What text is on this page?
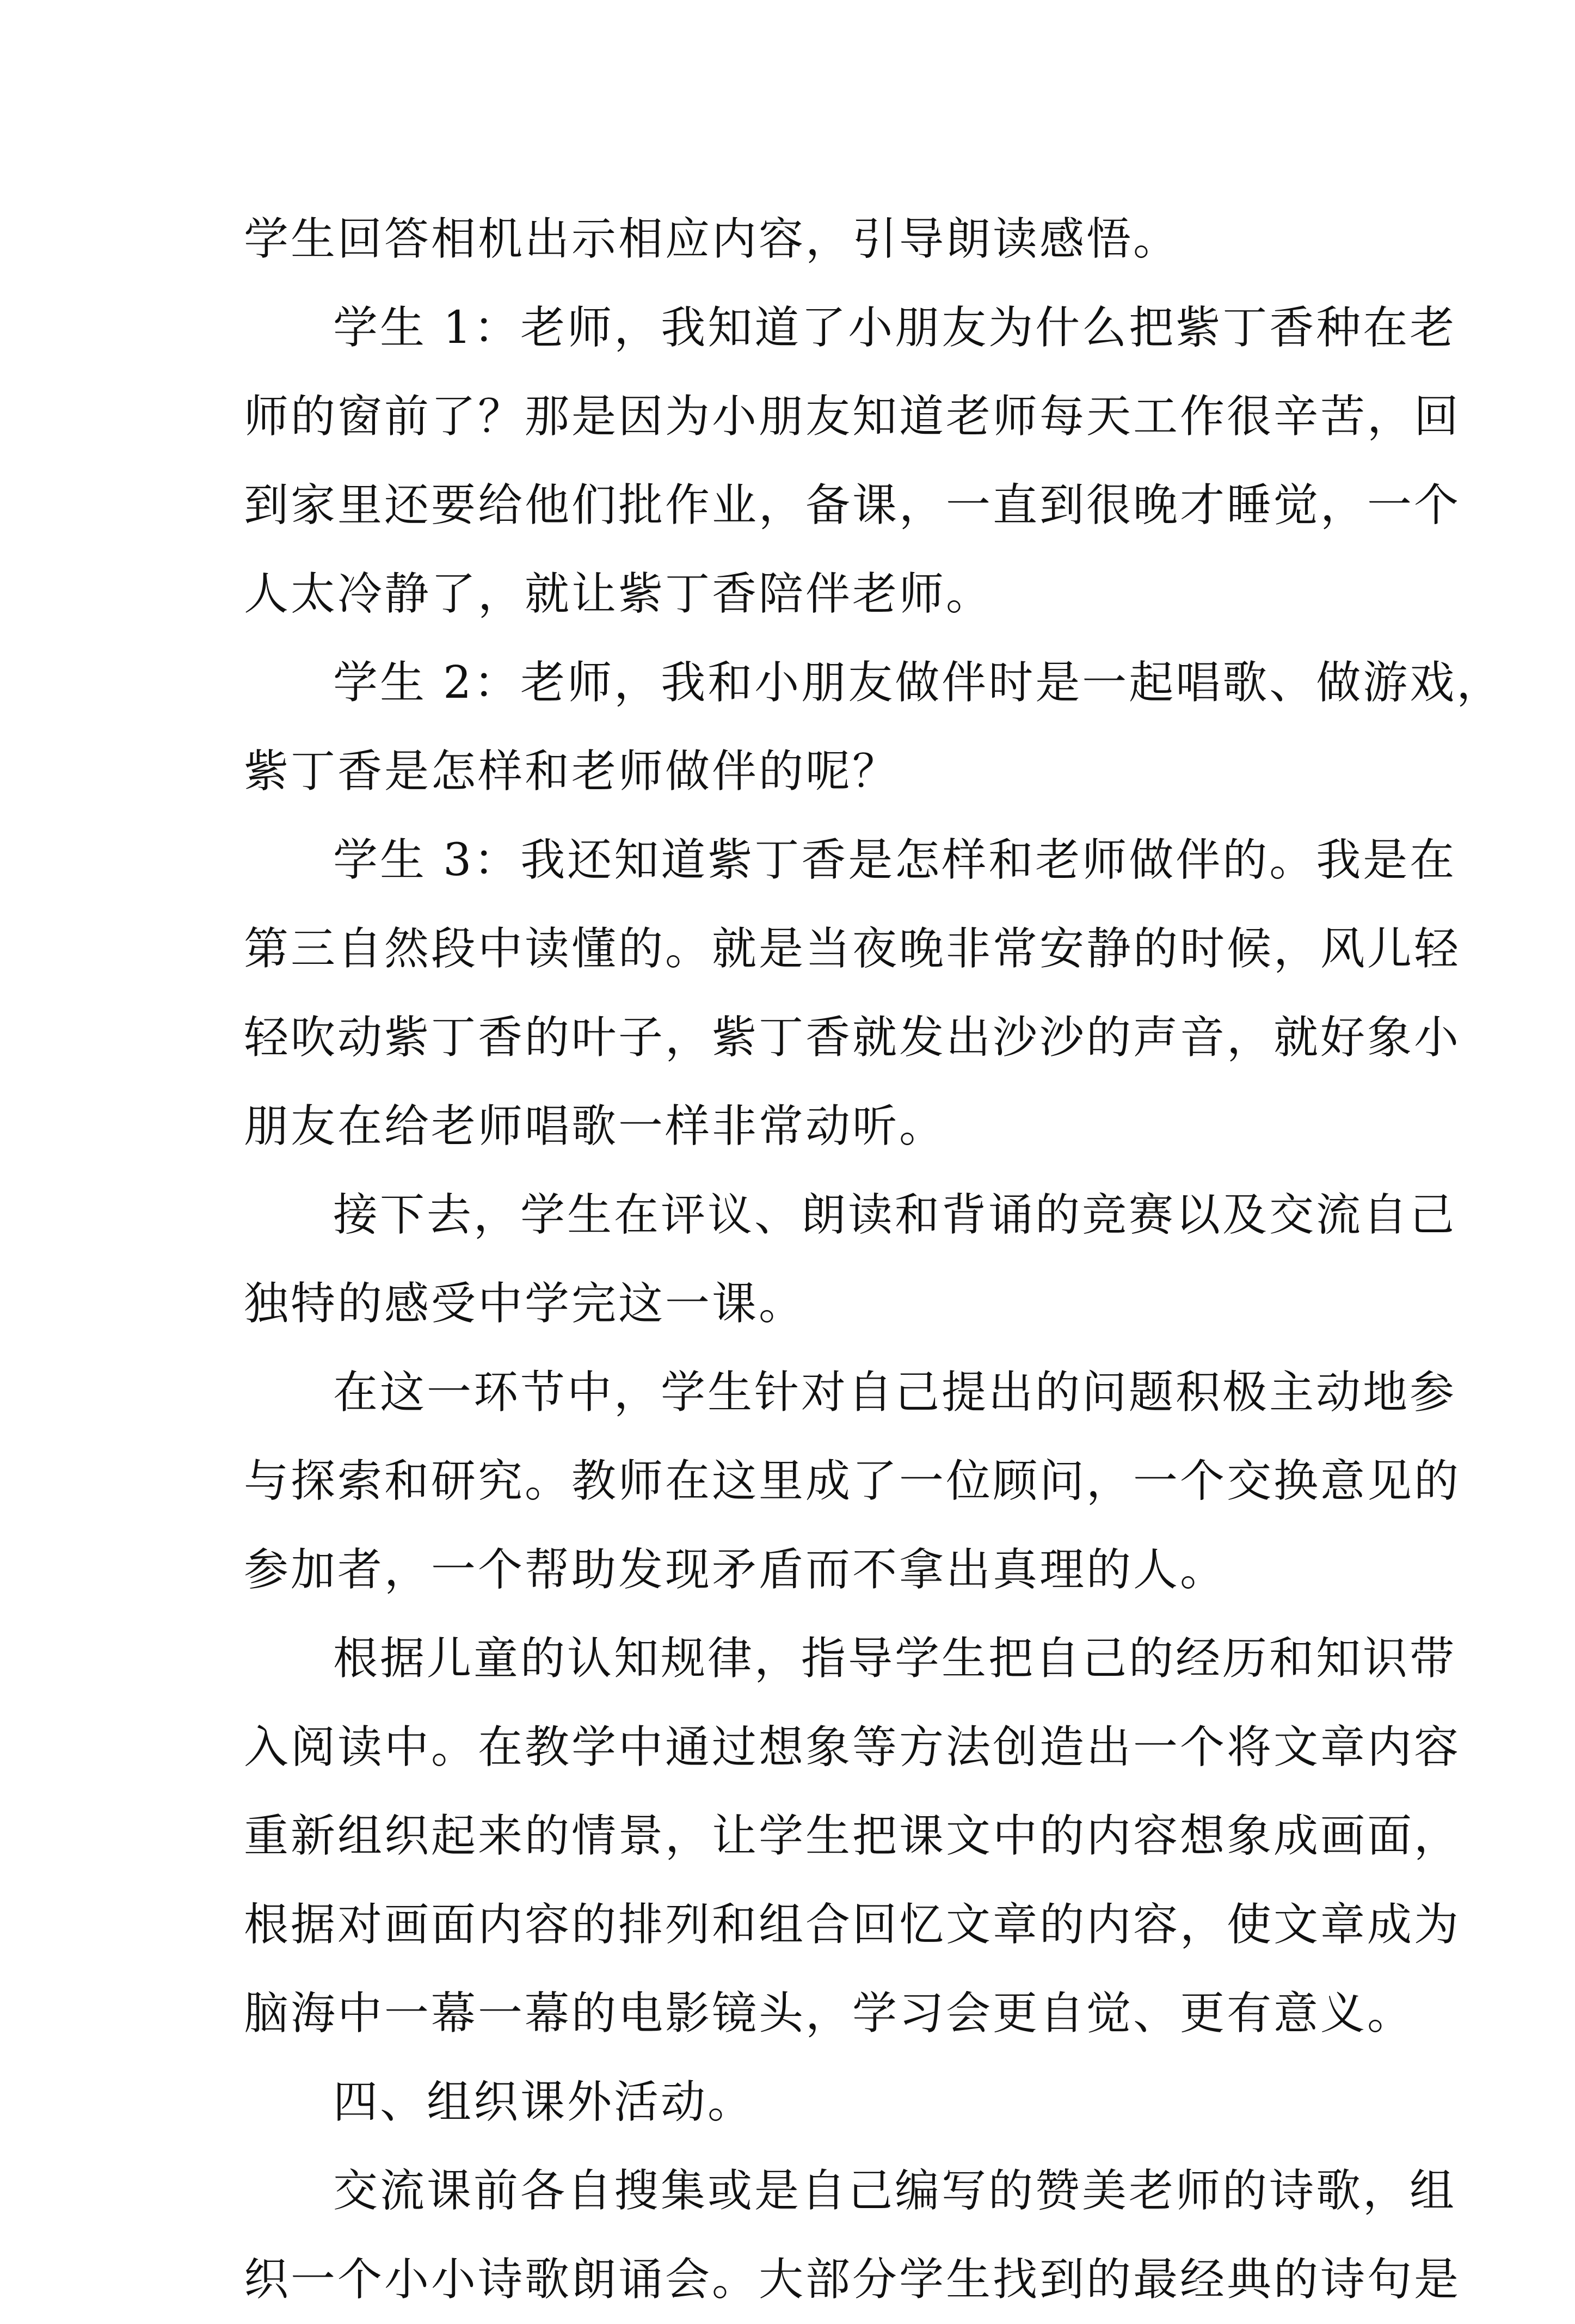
学生回答相机出示相应内容，引导朗读感悟。
学生 1：老师，我知道了小朋友为什么把紫丁香种在老
师的窗前了？那是因为小朋友知道老师每天工作很辛苦，回
到家里还要给他们批作业，备课，一直到很晚才睡觉，一个
人太冷静了，就让紫丁香陪伴老师。
学生 2：老师，我和小朋友做伴时是一起唱歌、做游戏，
紫丁香是怎样和老师做伴的呢？
学生 3：我还知道紫丁香是怎样和老师做伴的。我是在
第三自然段中读懂的。就是当夜晚非常安静的时候，风儿轻
轻吹动紫丁香的叶子，紫丁香就发出沙沙的声音，就好象小
朋友在给老师唱歌一样非常动听。
接下去，学生在评议、朗读和背诵的竞赛以及交流自己
独特的感受中学完这一课。
在这一环节中，学生针对自己提出的问题积极主动地参
与探索和研究。教师在这里成了一位顾问，一个交换意见的
参加者，一个帮助发现矛盾而不拿出真理的人。
根据儿童的认知规律，指导学生把自己的经历和知识带
入阅读中。在教学中通过想象等方法创造出一个将文章内容
重新组织起来的情景，让学生把课文中的内容想象成画面，
根据对画面内容的排列和组合回忆文章的内容，使文章成为
脑海中一幕一幕的电影镜头，学习会更自觉、更有意义。
四、组织课外活动。
交流课前各自搜集或是自己编写的赞美老师的诗歌，组
织一个小小诗歌朗诵会。大部分学生找到的最经典的诗句是
